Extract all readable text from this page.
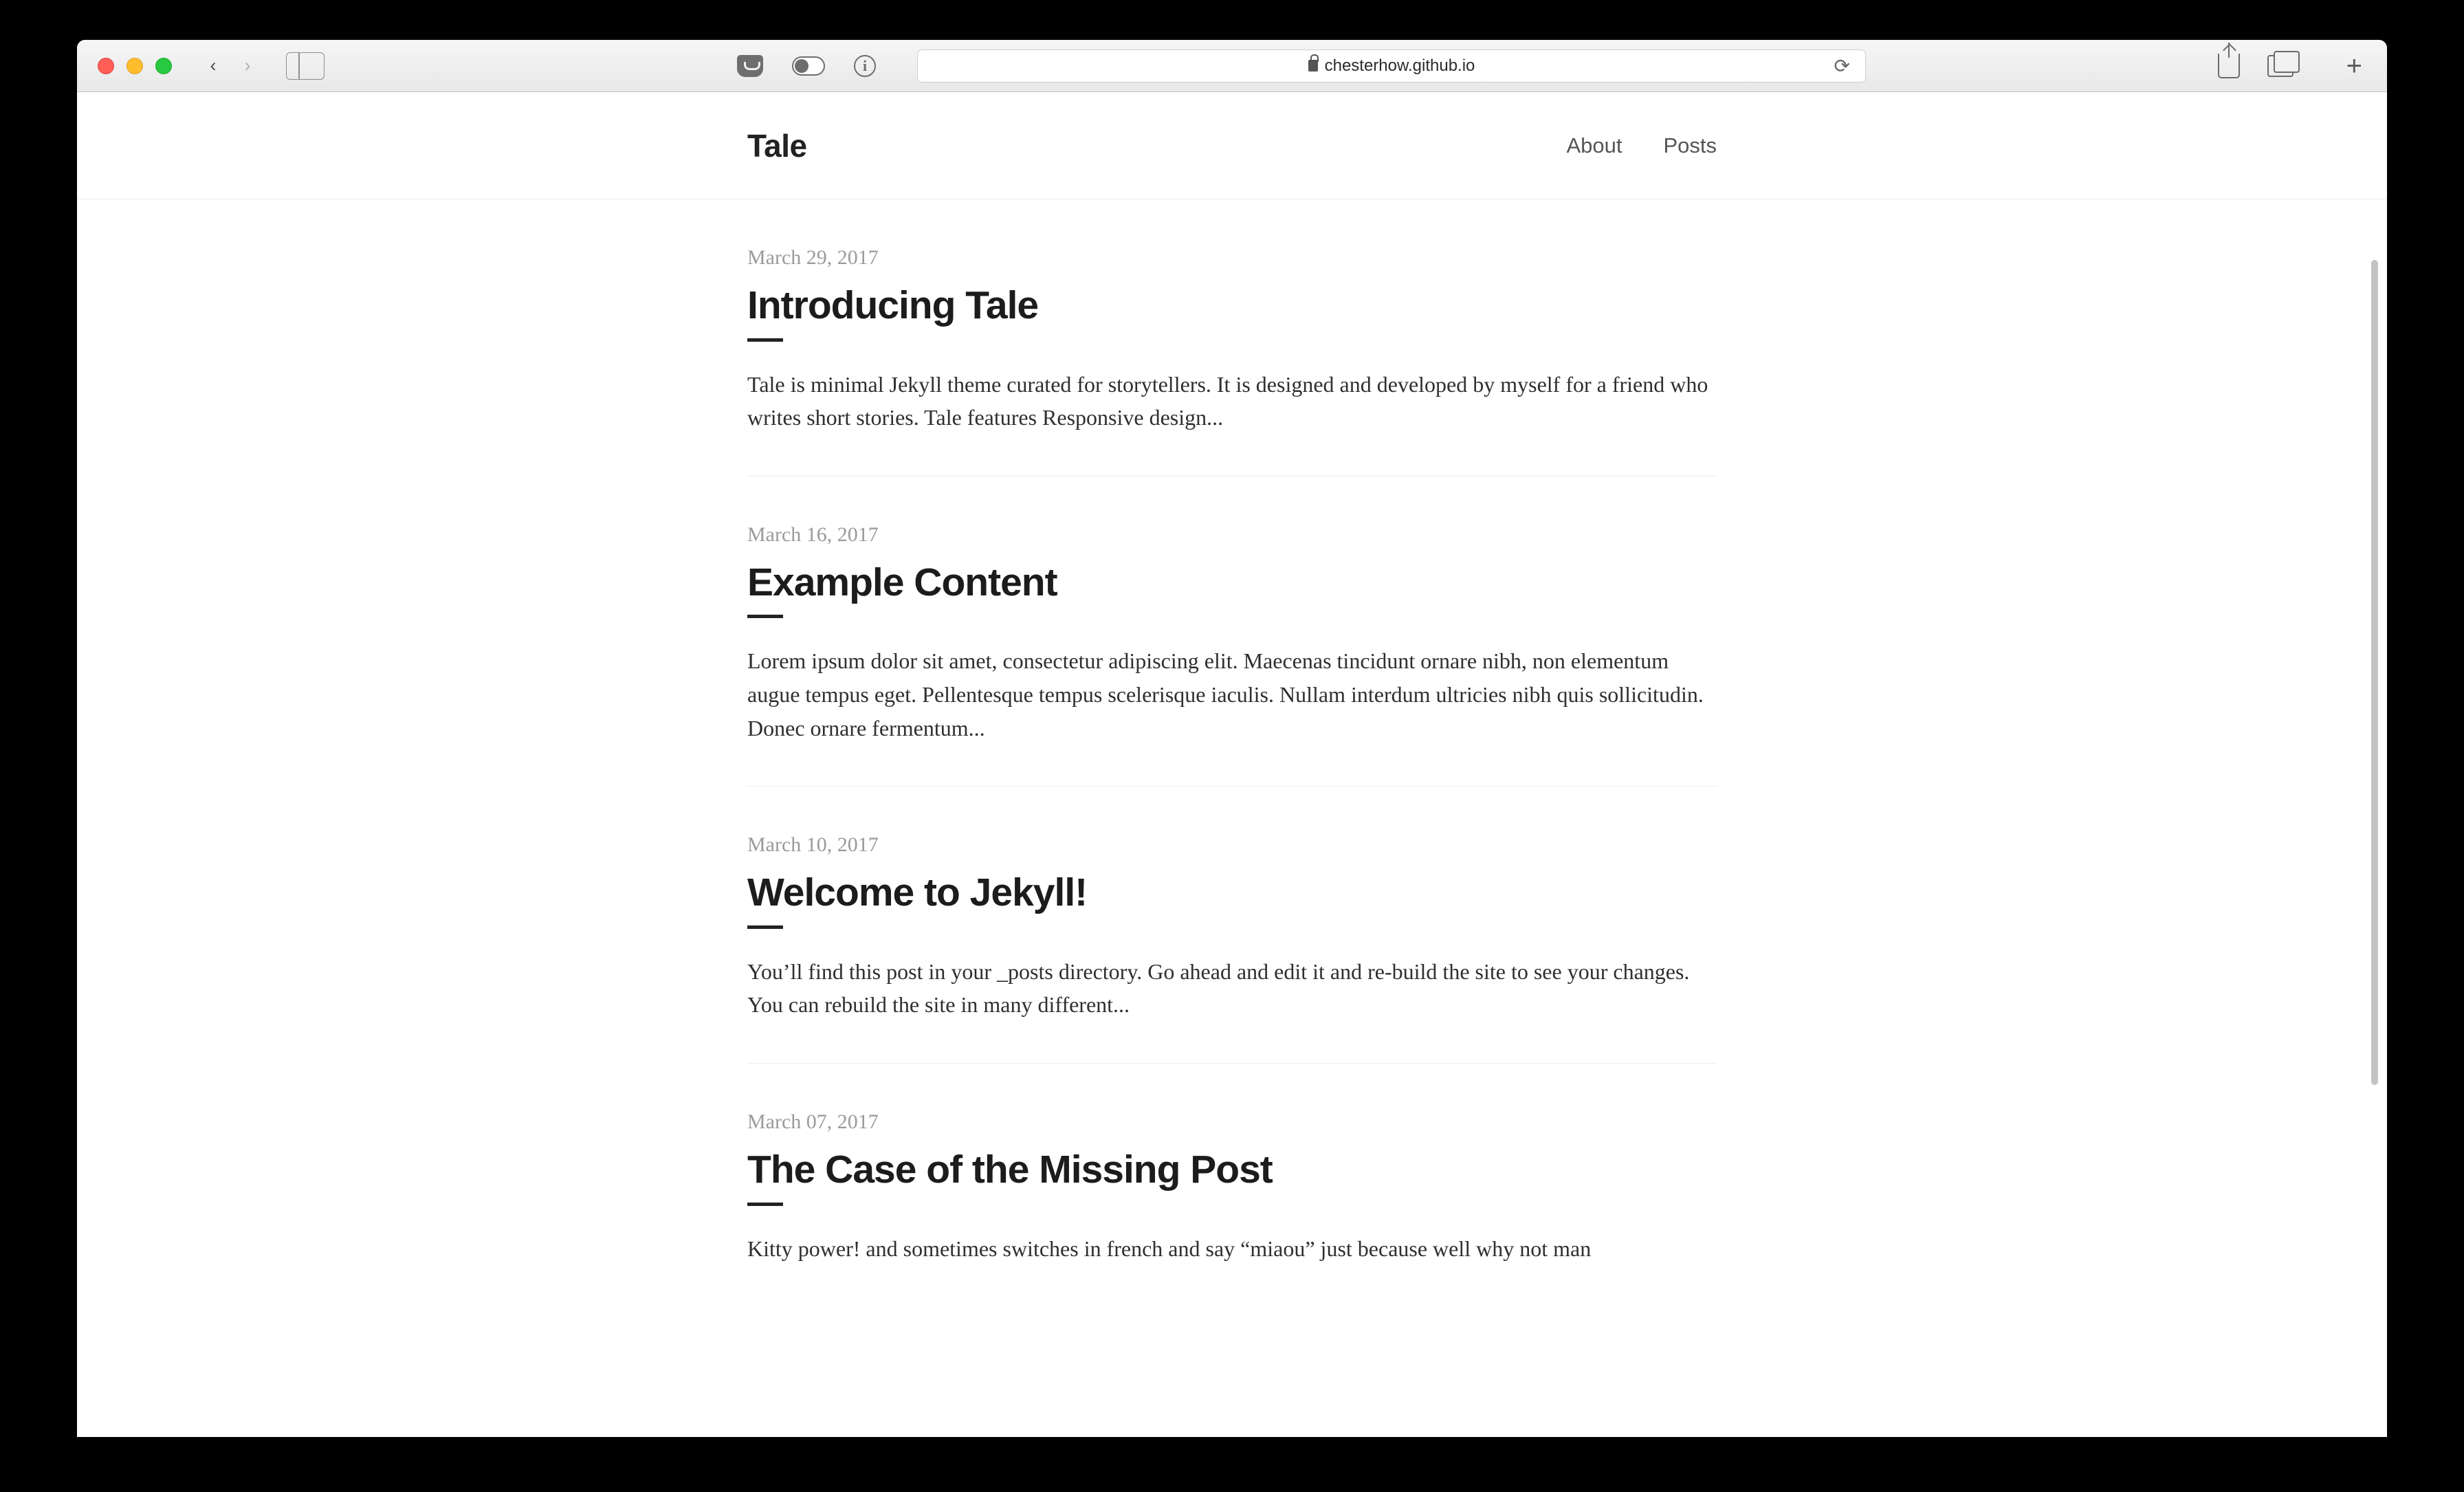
‹	›	i	chesterhow.github.io	⟳	+
Tale	About Posts
March 29, 2017
Introducing Tale

Tale is minimal Jekyll theme curated for storytellers. It is designed and developed by myself for a friend who writes short stories. Tale features Responsive design...

March 16, 2017
Example Content

Lorem ipsum dolor sit amet, consectetur adipiscing elit. Maecenas tincidunt ornare nibh, non elementum augue tempus eget. Pellentesque tempus scelerisque iaculis. Nullam interdum ultricies nibh quis sollicitudin. Donec ornare fermentum...

March 10, 2017
Welcome to Jekyll!

You’ll find this post in your _posts directory. Go ahead and edit it and re-build the site to see your changes. You can rebuild the site in many different...

March 07, 2017
The Case of the Missing Post

Kitty power! and sometimes switches in french and say “miaou” just because well why not man
